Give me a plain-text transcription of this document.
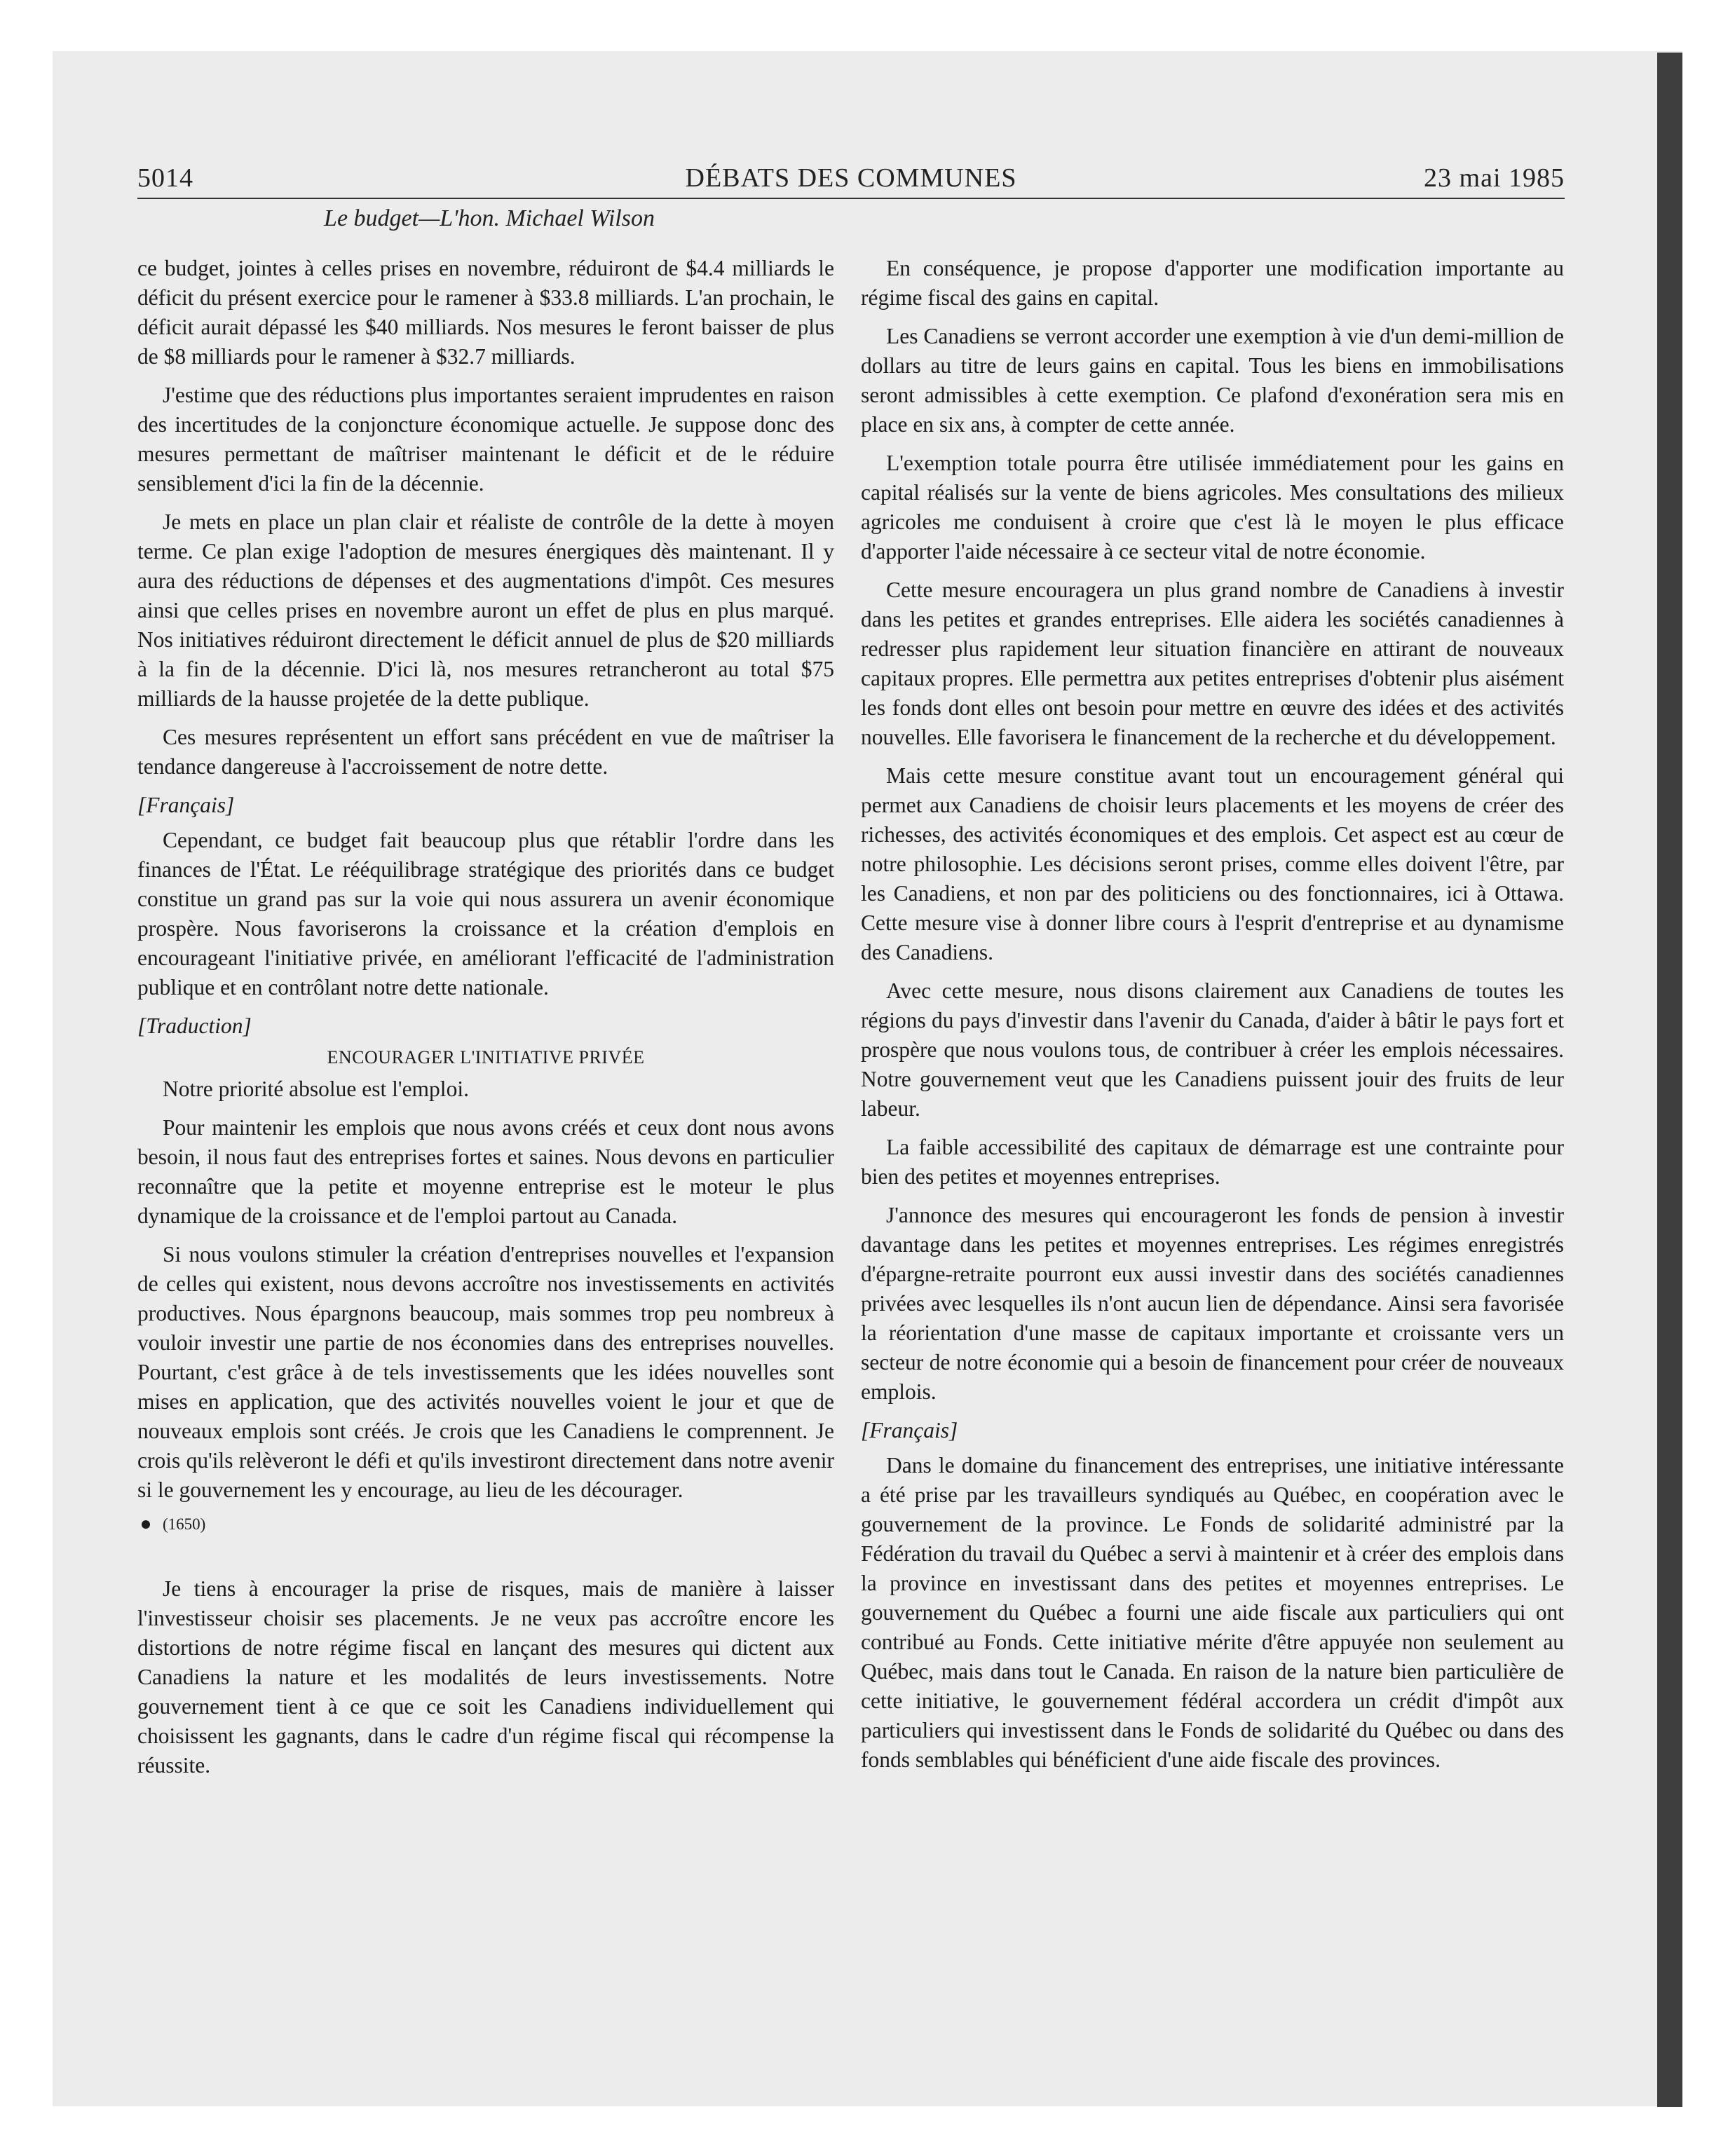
5014	DÉBATS DES COMMUNES	23 mai 1985
Le budget—L'hon. Michael Wilson

ce budget, jointes à celles prises en novembre, réduiront de $4.4 milliards le déficit du présent exercice pour le ramener à $33.8 milliards. L'an prochain, le déficit aurait dépassé les $40 milliards. Nos mesures le feront baisser de plus de $8 milliards pour le ramener à $32.7 milliards.

J'estime que des réductions plus importantes seraient imprudentes en raison des incertitudes de la conjoncture économique actuelle. Je suppose donc des mesures permettant de maîtriser maintenant le déficit et de le réduire sensiblement d'ici la fin de la décennie.

Je mets en place un plan clair et réaliste de contrôle de la dette à moyen terme. Ce plan exige l'adoption de mesures énergiques dès maintenant. Il y aura des réductions de dépenses et des augmentations d'impôt. Ces mesures ainsi que celles prises en novembre auront un effet de plus en plus marqué. Nos initiatives réduiront directement le déficit annuel de plus de $20 milliards à la fin de la décennie. D'ici là, nos mesures retrancheront au total $75 milliards de la hausse projetée de la dette publique.

Ces mesures représentent un effort sans précédent en vue de maîtriser la tendance dangereuse à l'accroissement de notre dette.

[Français]

Cependant, ce budget fait beaucoup plus que rétablir l'ordre dans les finances de l'État. Le rééquilibrage stratégique des priorités dans ce budget constitue un grand pas sur la voie qui nous assurera un avenir économique prospère. Nous favoriserons la croissance et la création d'emplois en encourageant l'initiative privée, en améliorant l'efficacité de l'administration publique et en contrôlant notre dette nationale.

[Traduction]
ENCOURAGER L'INITIATIVE PRIVÉE

Notre priorité absolue est l'emploi.

Pour maintenir les emplois que nous avons créés et ceux dont nous avons besoin, il nous faut des entreprises fortes et saines. Nous devons en particulier reconnaître que la petite et moyenne entreprise est le moteur le plus dynamique de la croissance et de l'emploi partout au Canada.

Si nous voulons stimuler la création d'entreprises nouvelles et l'expansion de celles qui existent, nous devons accroître nos investissements en activités productives. Nous épargnons beaucoup, mais sommes trop peu nombreux à vouloir investir une partie de nos économies dans des entreprises nouvelles. Pourtant, c'est grâce à de tels investissements que les idées nouvelles sont mises en application, que des activités nouvelles voient le jour et que de nouveaux emplois sont créés. Je crois que les Canadiens le comprennent. Je crois qu'ils relèveront le défi et qu'ils investiront directement dans notre avenir si le gouvernement les y encourage, au lieu de les décourager.

(1650)

Je tiens à encourager la prise de risques, mais de manière à laisser l'investisseur choisir ses placements. Je ne veux pas accroître encore les distortions de notre régime fiscal en lançant des mesures qui dictent aux Canadiens la nature et les modalités de leurs investissements. Notre gouvernement tient à ce que ce soit les Canadiens individuellement qui choisissent les gagnants, dans le cadre d'un régime fiscal qui récompense la réussite.

En conséquence, je propose d'apporter une modification importante au régime fiscal des gains en capital.

Les Canadiens se verront accorder une exemption à vie d'un demi-million de dollars au titre de leurs gains en capital. Tous les biens en immobilisations seront admissibles à cette exemption. Ce plafond d'exonération sera mis en place en six ans, à compter de cette année.

L'exemption totale pourra être utilisée immédiatement pour les gains en capital réalisés sur la vente de biens agricoles. Mes consultations des milieux agricoles me conduisent à croire que c'est là le moyen le plus efficace d'apporter l'aide nécessaire à ce secteur vital de notre économie.

Cette mesure encouragera un plus grand nombre de Canadiens à investir dans les petites et grandes entreprises. Elle aidera les sociétés canadiennes à redresser plus rapidement leur situation financière en attirant de nouveaux capitaux propres. Elle permettra aux petites entreprises d'obtenir plus aisément les fonds dont elles ont besoin pour mettre en œuvre des idées et des activités nouvelles. Elle favorisera le financement de la recherche et du développement.

Mais cette mesure constitue avant tout un encouragement général qui permet aux Canadiens de choisir leurs placements et les moyens de créer des richesses, des activités économiques et des emplois. Cet aspect est au cœur de notre philosophie. Les décisions seront prises, comme elles doivent l'être, par les Canadiens, et non par des politiciens ou des fonctionnaires, ici à Ottawa. Cette mesure vise à donner libre cours à l'esprit d'entreprise et au dynamisme des Canadiens.

Avec cette mesure, nous disons clairement aux Canadiens de toutes les régions du pays d'investir dans l'avenir du Canada, d'aider à bâtir le pays fort et prospère que nous voulons tous, de contribuer à créer les emplois nécessaires. Notre gouvernement veut que les Canadiens puissent jouir des fruits de leur labeur.

La faible accessibilité des capitaux de démarrage est une contrainte pour bien des petites et moyennes entreprises.

J'annonce des mesures qui encourageront les fonds de pension à investir davantage dans les petites et moyennes entreprises. Les régimes enregistrés d'épargne-retraite pourront eux aussi investir dans des sociétés canadiennes privées avec lesquelles ils n'ont aucun lien de dépendance. Ainsi sera favorisée la réorientation d'une masse de capitaux importante et croissante vers un secteur de notre économie qui a besoin de financement pour créer de nouveaux emplois.

[Français]

Dans le domaine du financement des entreprises, une initiative intéressante a été prise par les travailleurs syndiqués au Québec, en coopération avec le gouvernement de la province. Le Fonds de solidarité administré par la Fédération du travail du Québec a servi à maintenir et à créer des emplois dans la province en investissant dans des petites et moyennes entreprises. Le gouvernement du Québec a fourni une aide fiscale aux particuliers qui ont contribué au Fonds. Cette initiative mérite d'être appuyée non seulement au Québec, mais dans tout le Canada. En raison de la nature bien particulière de cette initiative, le gouvernement fédéral accordera un crédit d'impôt aux particuliers qui investissent dans le Fonds de solidarité du Québec ou dans des fonds semblables qui bénéficient d'une aide fiscale des provinces.
